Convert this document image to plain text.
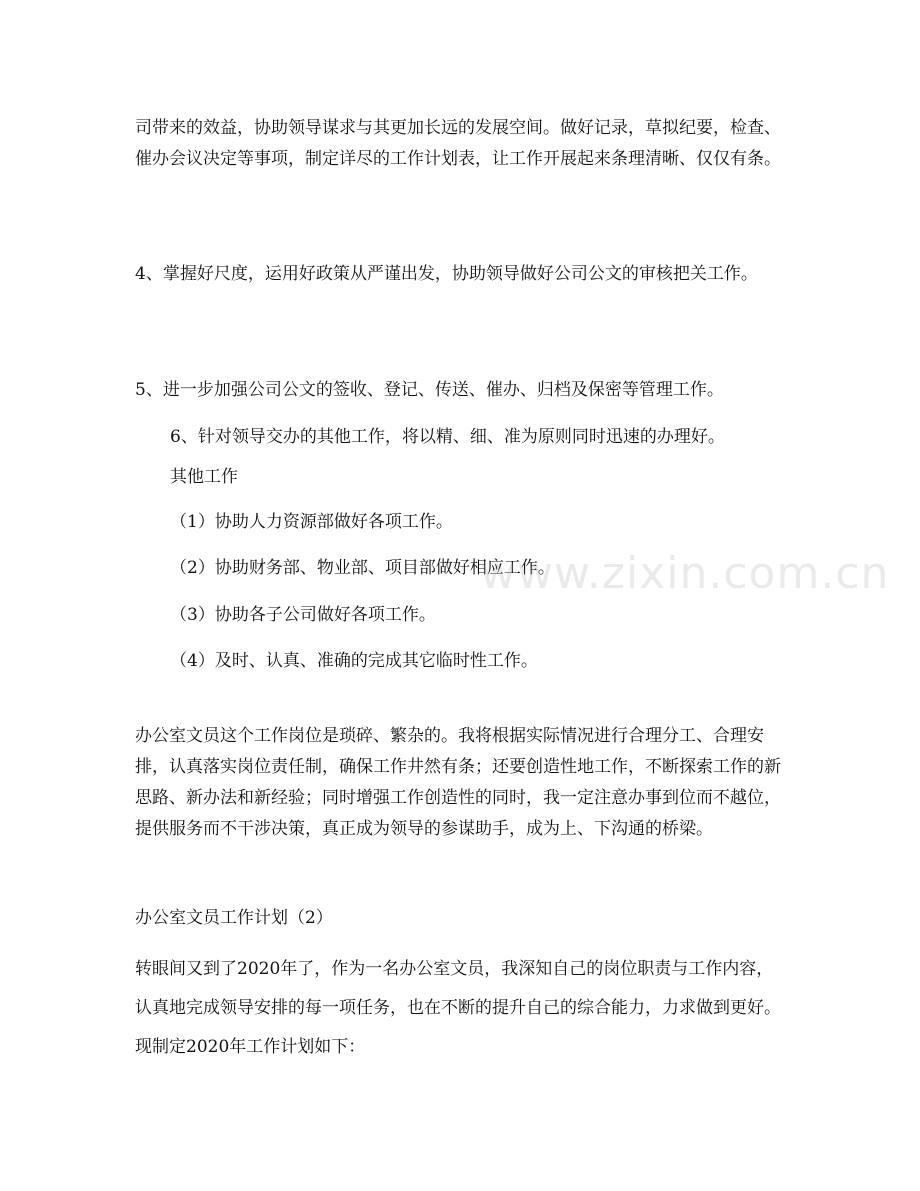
司带来的效益，协助领导谋求与其更加长远的发展空间。做好记录，草拟纪要，检查、催办会议决定等事项，制定详尽的工作计划表，让工作开展起来条理清晰、仅仅有条。

4、掌握好尺度，运用好政策从严谨出发，协助领导做好公司公文的审核把关工作。

5、进一步加强公司公文的签收、登记、传送、催办、归档及保密等管理工作。

6、针对领导交办的其他工作，将以精、细、准为原则同时迅速的办理好。

其他工作

（1）协助人力资源部做好各项工作。

（2）协助财务部、物业部、项目部做好相应工作。

（3）协助各子公司做好各项工作。

（4）及时、认真、准确的完成其它临时性工作。

办公室文员这个工作岗位是琐碎、繁杂的。我将根据实际情况进行合理分工、合理安排，认真落实岗位责任制，确保工作井然有条；还要创造性地工作，不断探索工作的新思路、新办法和新经验；同时增强工作创造性的同时，我一定注意办事到位而不越位，提供服务而不干涉决策，真正成为领导的参谋助手，成为上、下沟通的桥梁。

办公室文员工作计划（2）

转眼间又到了2020年了，作为一名办公室文员，我深知自己的岗位职责与工作内容，认真地完成领导安排的每一项任务，也在不断的提升自己的综合能力，力求做到更好。现制定2020年工作计划如下：

www.zixin.com.cn
